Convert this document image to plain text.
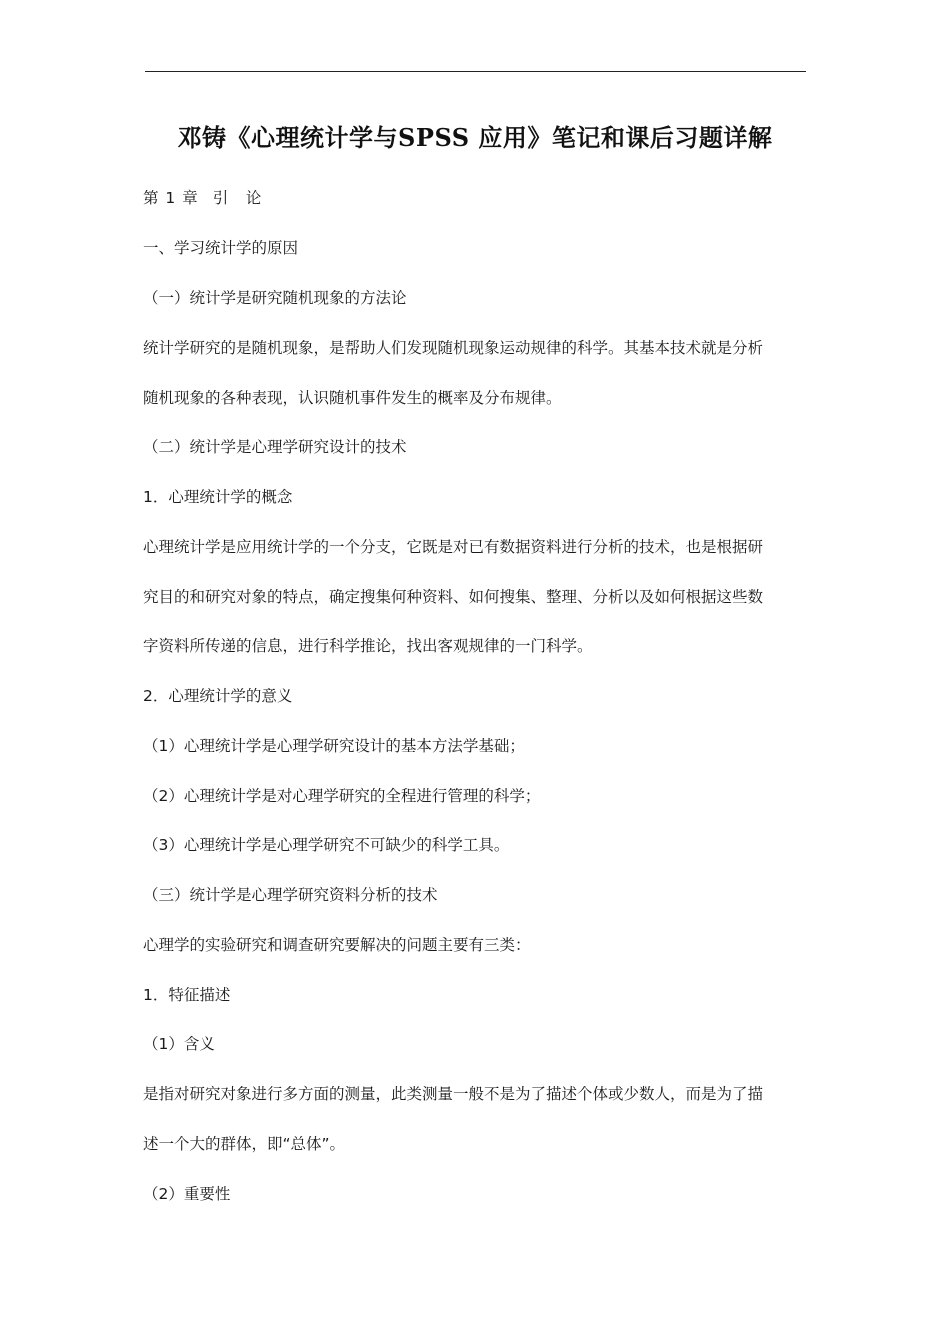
邓铸《心理统计学与SPSS 应用》笔记和课后习题详解
第 1 章 引　论
一、学习统计学的原因
（一）统计学是研究随机现象的方法论
统计学研究的是随机现象，是帮助人们发现随机现象运动规律的科学。其基本技术就是分析
随机现象的各种表现，认识随机事件发生的概率及分布规律。
（二）统计学是心理学研究设计的技术
1．心理统计学的概念
心理统计学是应用统计学的一个分支，它既是对已有数据资料进行分析的技术，也是根据研
究目的和研究对象的特点，确定搜集何种资料、如何搜集、整理、分析以及如何根据这些数
字资料所传递的信息，进行科学推论，找出客观规律的一门科学。
2．心理统计学的意义
（1）心理统计学是心理学研究设计的基本方法学基础；
（2）心理统计学是对心理学研究的全程进行管理的科学；
（3）心理统计学是心理学研究不可缺少的科学工具。
（三）统计学是心理学研究资料分析的技术
心理学的实验研究和调查研究要解决的问题主要有三类：
1．特征描述
（1）含义
是指对研究对象进行多方面的测量，此类测量一般不是为了描述个体或少数人，而是为了描
述一个大的群体，即“总体”。
（2）重要性
